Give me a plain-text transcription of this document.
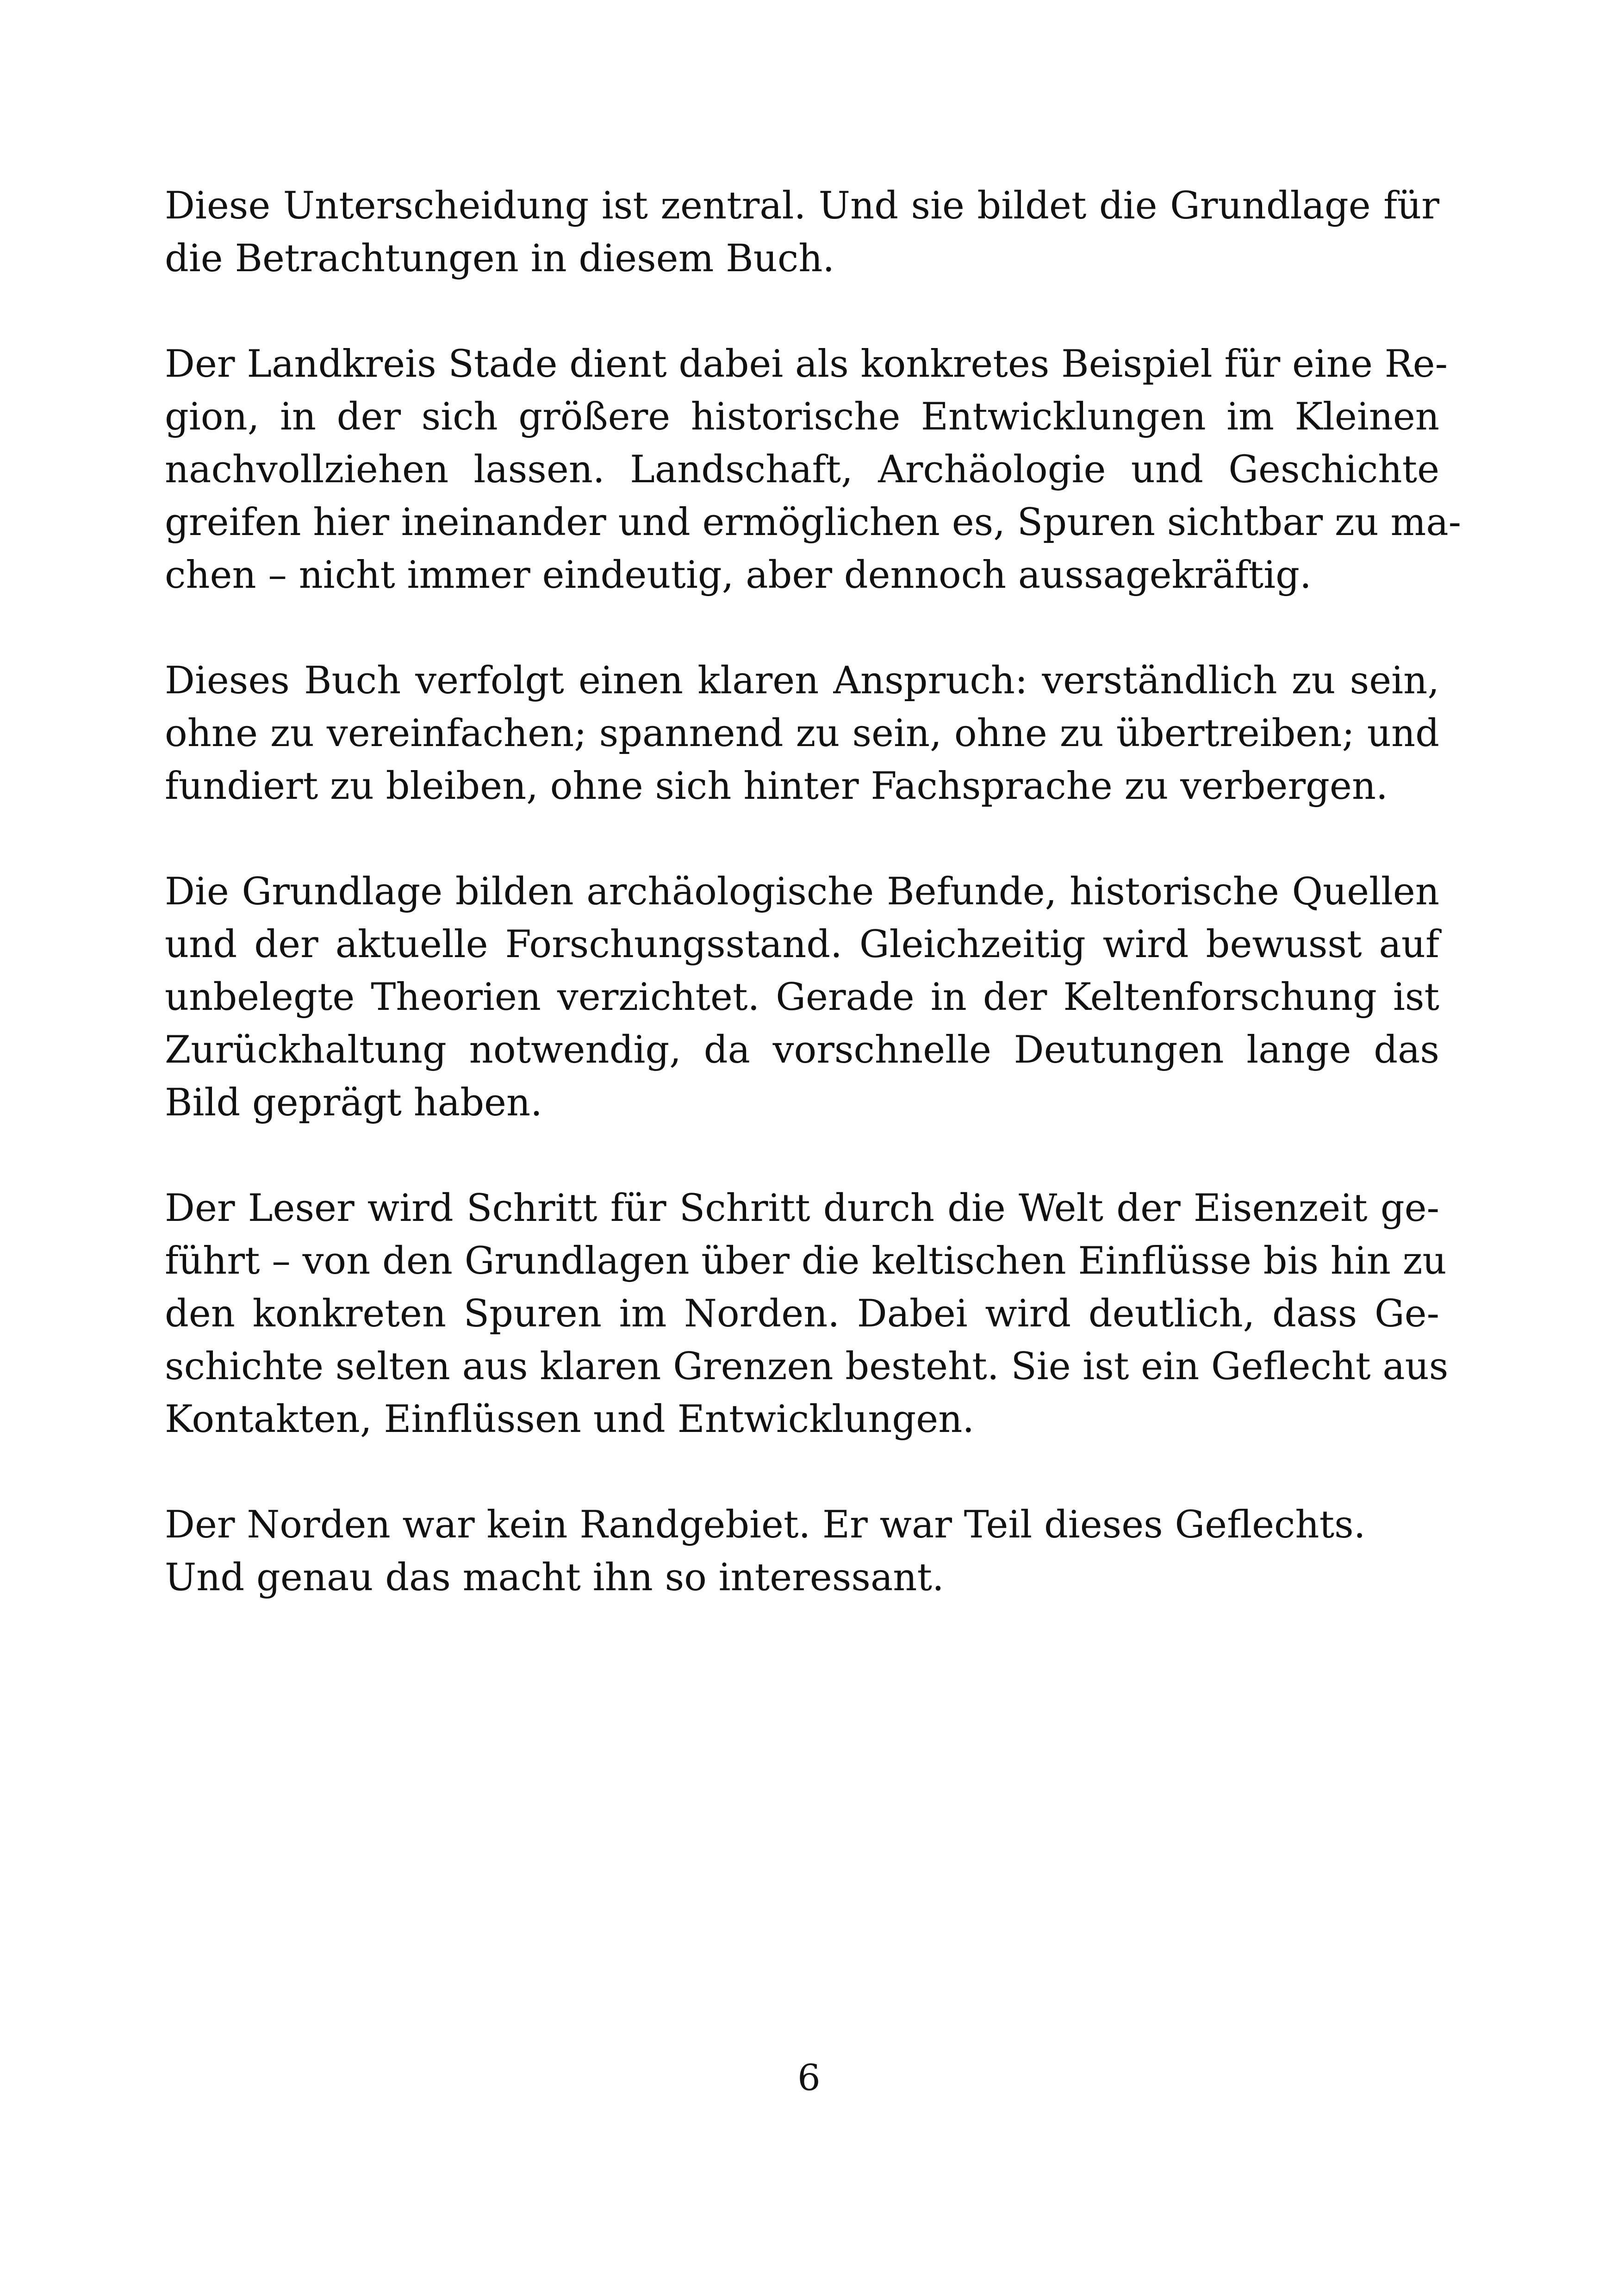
Diese Unterscheidung ist zentral. Und sie bildet die Grundlage für
die Betrachtungen in diesem Buch.

Der Landkreis Stade dient dabei als konkretes Beispiel für eine Re-
gion, in der sich größere historische Entwicklungen im Kleinen
nachvollziehen lassen. Landschaft, Archäologie und Geschichte
greifen hier ineinander und ermöglichen es, Spuren sichtbar zu ma-
chen – nicht immer eindeutig, aber dennoch aussagekräftig.

Dieses Buch verfolgt einen klaren Anspruch: verständlich zu sein,
ohne zu vereinfachen; spannend zu sein, ohne zu übertreiben; und
fundiert zu bleiben, ohne sich hinter Fachsprache zu verbergen.

Die Grundlage bilden archäologische Befunde, historische Quellen
und der aktuelle Forschungsstand. Gleichzeitig wird bewusst auf
unbelegte Theorien verzichtet. Gerade in der Keltenforschung ist
Zurückhaltung notwendig, da vorschnelle Deutungen lange das
Bild geprägt haben.

Der Leser wird Schritt für Schritt durch die Welt der Eisenzeit ge-
führt – von den Grundlagen über die keltischen Einflüsse bis hin zu
den konkreten Spuren im Norden. Dabei wird deutlich, dass Ge-
schichte selten aus klaren Grenzen besteht. Sie ist ein Geflecht aus
Kontakten, Einflüssen und Entwicklungen.

Der Norden war kein Randgebiet. Er war Teil dieses Geflechts.
Und genau das macht ihn so interessant.

6
